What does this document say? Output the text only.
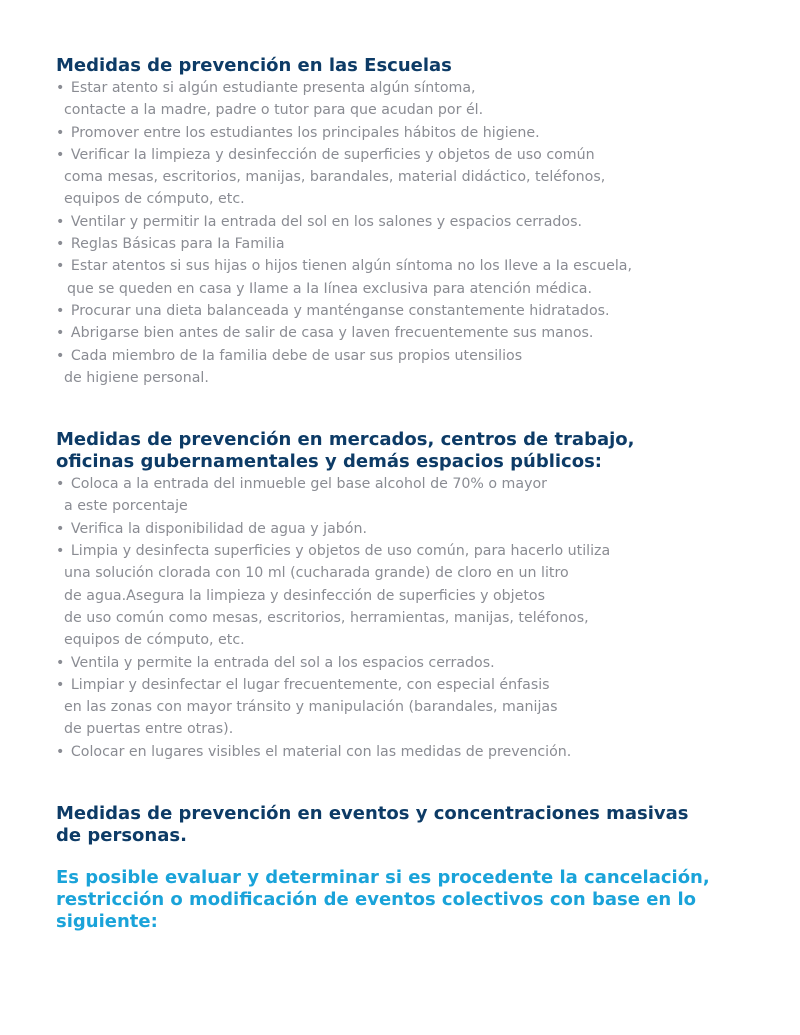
Medidas de prevención en las Escuelas
• Estar atento si algún estudiante presenta algún síntoma,
contacte a la madre, padre o tutor para que acudan por él.
• Promover entre los estudiantes los principales hábitos de higiene.
• Verificar Ia limpieza y desinfección de superficies y objetos de uso común
coma mesas, escritorios, manijas, barandales, material didáctico, teléfonos,
equipos de cómputo, etc.
• Ventilar y permitir Ia entrada del sol en los salones y espacios cerrados.
• Reglas Básicas para Ia Familia
• Estar atentos si sus hijas o hijos tienen algún síntoma no los Ileve a Ia escuela,
que se queden en casa y Ilame a Ia Iínea exclusiva para atención médica.
• Procurar una dieta balanceada y manténganse constantemente hidratados.
• Abrigarse bien antes de salir de casa y laven frecuentemente sus manos.
• Cada miembro de Ia familia debe de usar sus propios utensilios
de higiene personal.
Medidas de prevención en mercados, centros de trabajo,
oficinas gubernamentales y demás espacios públicos:
• Coloca a la entrada del inmueble gel base alcohol de 70% o mayor
a este porcentaje
• Verifica la disponibilidad de agua y jabón.
• Limpia y desinfecta superficies y objetos de uso común, para hacerlo utiliza
una solución clorada con 10 ml (cucharada grande) de cloro en un litro
de agua.Asegura la limpieza y desinfección de superficies y objetos
de uso común como mesas, escritorios, herramientas, manijas, teléfonos,
equipos de cómputo, etc.
• Ventila y permite la entrada del sol a los espacios cerrados.
• Limpiar y desinfectar el lugar frecuentemente, con especial énfasis
en las zonas con mayor tránsito y manipulación (barandales, manijas
de puertas entre otras).
• Colocar en lugares visibles el material con las medidas de prevención.
Medidas de prevención en eventos y concentraciones masivas
de personas.

Es posible evaluar y determinar si es procedente la cancelación,
restricción o modificación de eventos colectivos con base en lo
siguiente:
